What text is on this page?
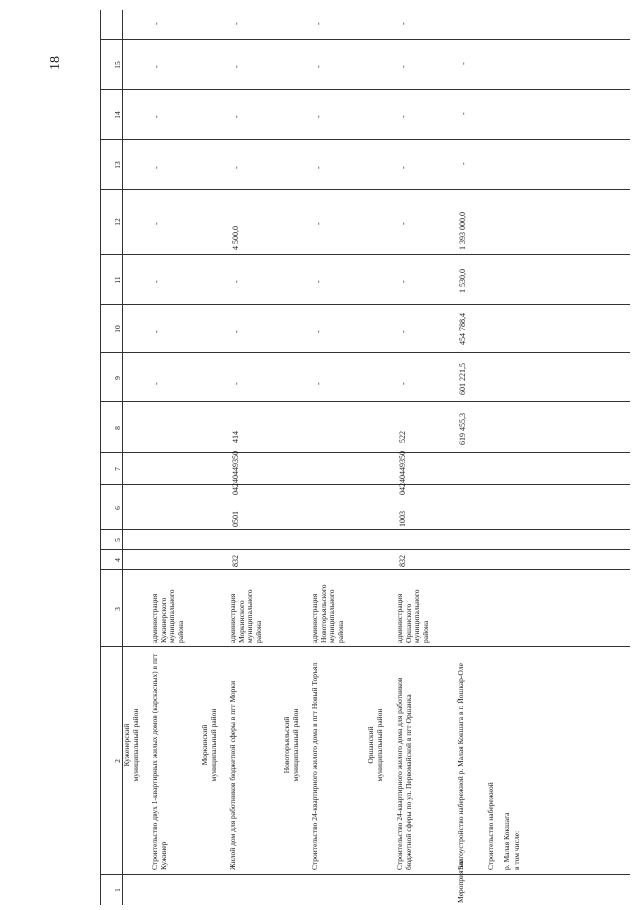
18
1
2
3
4
5
6
7
8
9
10
11
12
13
14
15
Куженерский
муниципальный район Строительство двух 1-квартирных жилых домов (карскасных) в пгт Кужинер
администрация Кужинерского муниципального района
-
-
-
-
-
-
-
-
Моркинский
муниципальный район Жилой дом для работников бюджетной сферы в пгт Морки
администрация Моркинского муниципального района
832
0501
04240449350
414
-
-
-
4 500,0
-
-
-
-
Новоторъяльский
муниципальный район Строительство 24-квартирного жилого дома в пгт Новый Торъял
администрация Новоторъяльского муниципального района
-
-
-
-
-
-
-
-
Оршанский
муниципальный район Строительство 24-квартирного жилого дома для работников бюджетной сферы по ул. Первомайской в пгт Оршанка
администрация Оршанского муниципального района
832
1003
04240449350
522
-
-
-
-
-
-
-
-
Мероприятие
Благоустройство набережной р. Малая Кокшага в г. Йошкар-Оле
619 455,3
601 221,5
454 788,4
1 530,0
1 393 000,0
-
-
-
Строительство набережной р. Малая Кокшага в том числе:
